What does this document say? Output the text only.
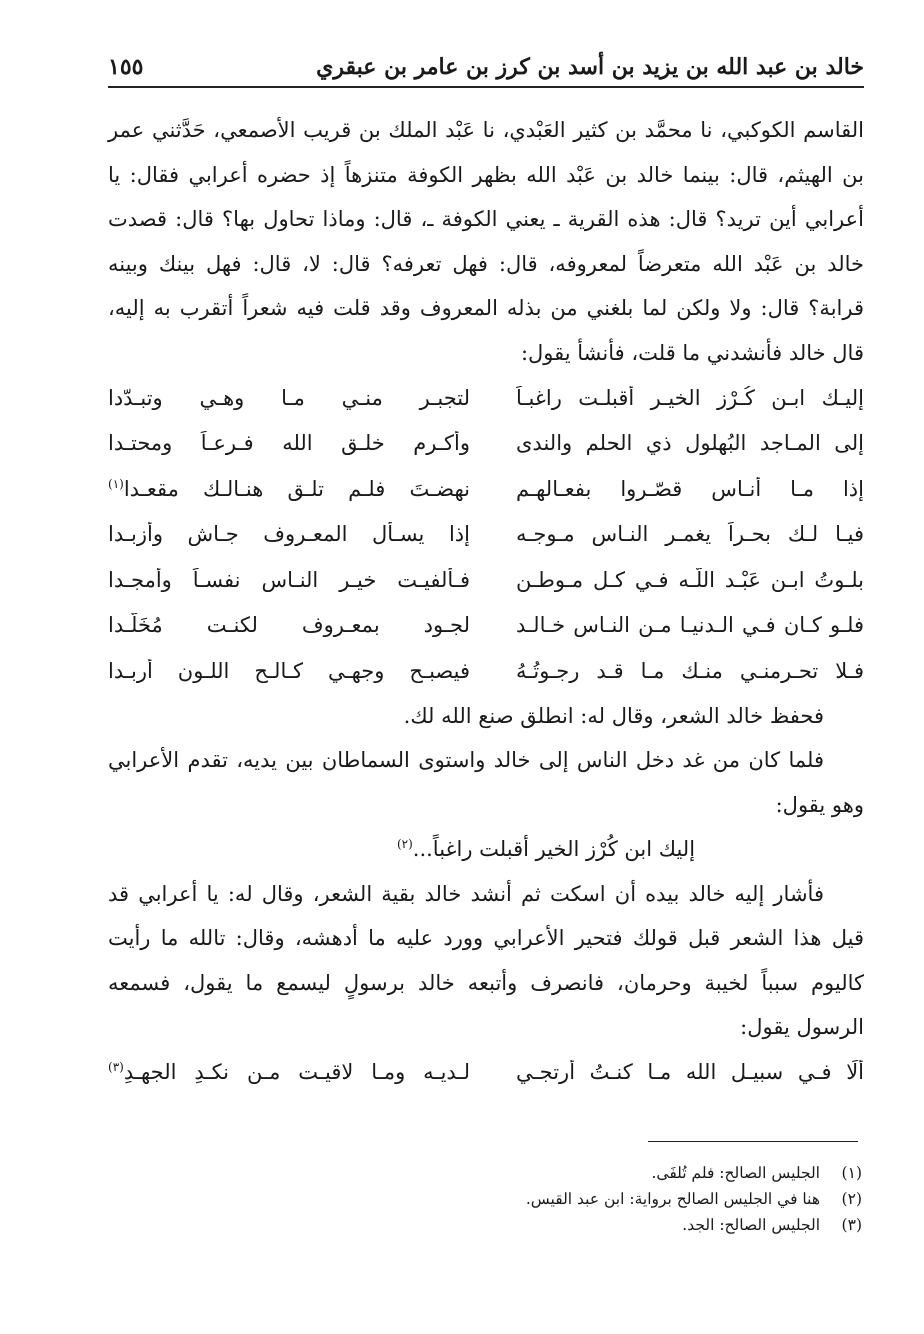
خالد بن عبد الله بن يزيد بن أسد بن كرز بن عامر بن عبقري
١٥٥

القاسم الكوكبي، نا محمَّد بن كثير العَبْدي، نا عَبْد الملك بن قريب الأصمعي، حَدَّثني عمر بن الهيثم، قال: بينما خالد بن عَبْد الله بظهر الكوفة متنزهاً إذ حضره أعرابي فقال: يا أعرابي أين تريد؟ قال: هذه القرية ـ يعني الكوفة ـ، قال: وماذا تحاول بها؟ قال: قصدت خالد بن عَبْد الله متعرضاً لمعروفه، قال: فهل تعرفه؟ قال: لا، قال: فهل بينك وبينه قرابة؟ قال: ولا ولكن لما بلغني من بذله المعروف وقد قلت فيه شعراً أتقرب به إليه، قال خالد فأنشدني ما قلت، فأنشأ يقول:

إليـك ابـن كُـرْز الخيـر أقبلـت راغبـاً
لتجبـر منـي مـا وهـي وتبـدّدا
إلى المـاجد البُهلول ذي الحلم والندى
وأكـرم خلـق الله فـرعـاً ومحتـدا
إذا مـا أنـاس قصّـروا بفعـالهـم
نهضـتَ فلـم تلـق هنـالـك مقعـدا$^{(١)}$
فيـا لـك بحـراً يغمـر النـاس مـوجـه
إذا يسـأل المعـروف جـاش وأزبـدا
بلـوتُ ابـن عَبْـد اللّـه فـي كـل مـوطـنٍ
فـألفيـت خيـر النـاس نفسـاً وأمجـدا
فلـو كـان فـي الـدنيـا مـن النـاس خـالـد
لجـود بمعـروف لكنـت مُخَلّـدا
فـلا تحـرمنـي منـك مـا قـد رجـوتُـهُ
فيصبـح وجهـي كـالـح اللـون أربـدا

فحفظ خالد الشعر، وقال له: انطلق صنع الله لك.

فلما كان من غد دخل الناس إلى خالد واستوى السماطان بين يديه، تقدم الأعرابي وهو يقول:

إليك ابن كُرْز الخير أقبلت راغباً...$^{(٢)}$

فأشار إليه خالد بيده أن اسكت ثم أنشد خالد بقية الشعر، وقال له: يا أعرابي قد قيل هذا الشعر قبل قولك فتحير الأعرابي وورد عليه ما أدهشه، وقال: تالله ما رأيت كاليوم سبباً لخيبة وحرمان، فانصرف وأتبعه خالد برسولٍ ليسمع ما يقول، فسمعه الرسول يقول:

ألَا فـي سبيـل الله مـا كنـتُ أرتجـي
لـديـه ومـا لاقيـت مـن نكـدِ الجهـدِ$^{(٣)}$
(١)الجليس الصالح: فلم تُلفَى.
(٢)هنا في الجليس الصالح برواية: ابن عبد القيس.
(٣)الجليس الصالح: الجد.
